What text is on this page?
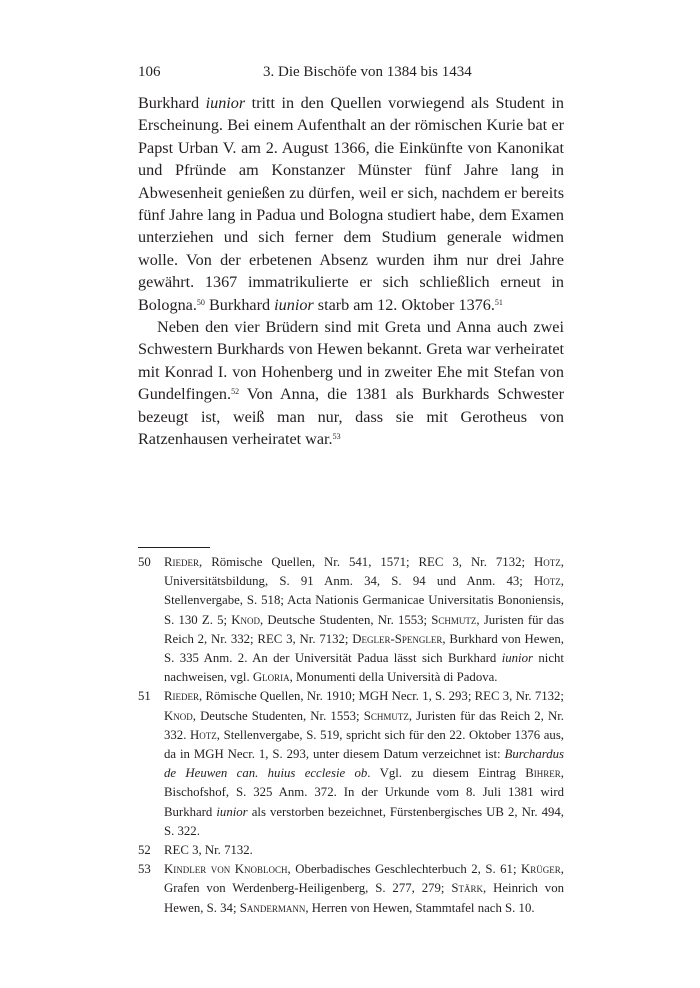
106	3. Die Bischöfe von 1384 bis 1434

Burkhard iunior tritt in den Quellen vorwiegend als Student in Erscheinung. Bei einem Aufenthalt an der römischen Kurie bat er Papst Urban V. am 2. August 1366, die Einkünfte von Kanonikat und Pfründe am Konstanzer Münster fünf Jahre lang in Abwesenheit genießen zu dürfen, weil er sich, nachdem er bereits fünf Jahre lang in Padua und Bologna studiert habe, dem Examen unterziehen und sich ferner dem Studium generale widmen wolle. Von der erbetenen Absenz wurden ihm nur drei Jahre gewährt. 1367 immatrikulierte er sich schließlich erneut in Bologna.$^{50}$ Burkhard iunior starb am 12. Oktober 1376.51

Neben den vier Brüdern sind mit Greta und Anna auch zwei Schwestern Burkhards von Hewen bekannt. Greta war verheiratet mit Konrad I. von Hohenberg und in zweiter Ehe mit Stefan von Gundelfingen.$^{52}$ Von Anna, die 1381 als Burkhards Schwester bezeugt ist, weiß man nur, dass sie mit Gerotheus von Ratzenhausen verheiratet war.$^{53}$

50 Rieder, Römische Quellen, Nr. 541, 1571; REC 3, Nr. 7132; Hotz, Universitätsbildung, S. 91 Anm. 34, S. 94 und Anm. 43; Hotz, Stellenvergabe, S. 518; Acta Nationis Germanicae Universitatis Bononiensis, S. 130 Z. 5; Knod, Deutsche Studenten, Nr. 1553; Schmutz, Juristen für das Reich 2, Nr. 332; REC 3, Nr. 7132; Degler-Spengler, Burkhard von Hewen, S. 335 Anm. 2. An der Universität Padua lässt sich Burkhard iunior nicht nachweisen, vgl. Gloria, Monumenti della Università di Padova.
51 Rieder, Römische Quellen, Nr. 1910; MGH Necr. 1, S. 293; REC 3, Nr. 7132; Knod, Deutsche Studenten, Nr. 1553; Schmutz, Juristen für das Reich 2, Nr. 332. Hotz, Stellenvergabe, S. 519, spricht sich für den 22. Oktober 1376 aus, da in MGH Necr. 1, S. 293, unter diesem Datum verzeichnet ist: Burchardus de Heuwen can. huius ecclesie ob. Vgl. zu diesem Eintrag Bihrer, Bischofshof, S. 325 Anm. 372. In der Urkunde vom 8. Juli 1381 wird Burkhard iunior als verstorben bezeichnet, Fürstenbergisches UB 2, Nr. 494, S. 322.
52 REC 3, Nr. 7132.
53 Kindler von Knobloch, Oberbadisches Geschlechterbuch 2, S. 61; Krüger, Grafen von Werdenberg-Heiligenberg, S. 277, 279; Stärk, Heinrich von Hewen, S. 34; Sandermann, Herren von Hewen, Stammtafel nach S. 10.
